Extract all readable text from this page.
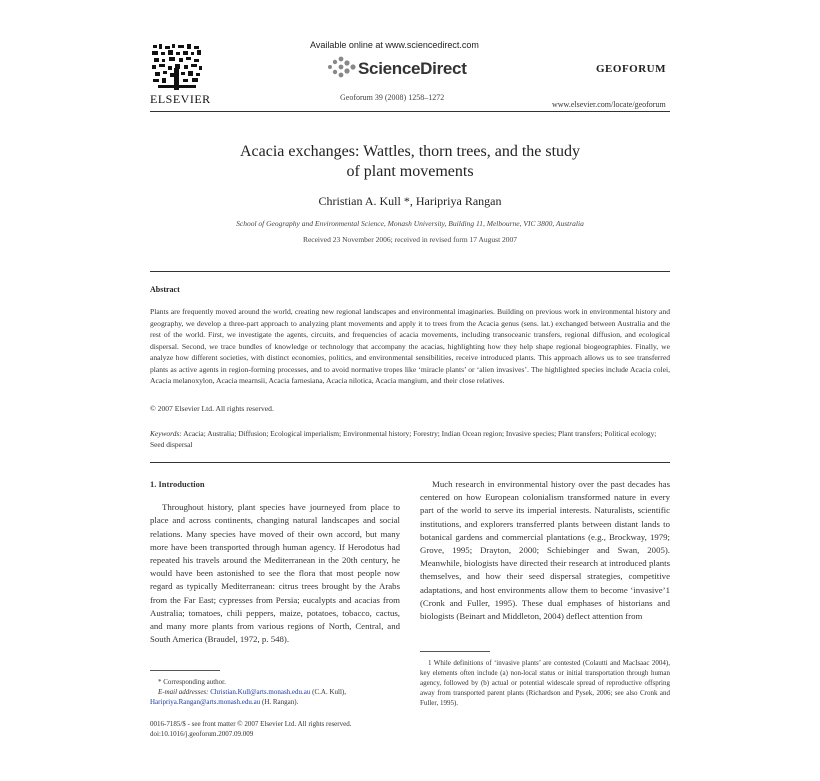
ELSEVIER
Available online at www.sciencedirect.com
ScienceDirect
Geoforum 39 (2008) 1258–1272
GEOFORUM
www.elsevier.com/locate/geoforum
Acacia exchanges: Wattles, thorn trees, and the study
of plant movements
Christian A. Kull *, Haripriya Rangan
School of Geography and Environmental Science, Monash University, Building 11, Melbourne, VIC 3800, Australia
Received 23 November 2006; received in revised form 17 August 2007
Abstract

Plants are frequently moved around the world, creating new regional landscapes and environmental imaginaries. Building on previous work in environmental history and geography, we develop a three-part approach to analyzing plant movements and apply it to trees from the Acacia genus (sens. lat.) exchanged between Australia and the rest of the world. First, we investigate the agents, circuits, and frequencies of acacia movements, including transoceanic transfers, regional diffusion, and ecological dispersal. Second, we trace bundles of knowledge or technology that accompany the acacias, highlighting how they help shape regional biogeographies. Finally, we analyze how different societies, with distinct economies, politics, and environmental sensibilities, receive introduced plants. This approach allows us to see transferred plants as active agents in region-forming processes, and to avoid normative tropes like ‘miracle plants’ or ‘alien invasives’. The highlighted species include Acacia colei, Acacia melanoxylon, Acacia mearnsii, Acacia farnesiana, Acacia nilotica, Acacia mangium, and their close relatives.

© 2007 Elsevier Ltd. All rights reserved.
Keywords: Acacia; Australia; Diffusion; Ecological imperialism; Environmental history; Forestry; Indian Ocean region; Invasive species; Plant transfers; Political ecology; Seed dispersal

1. Introduction

Throughout history, plant species have journeyed from place to place and across continents, changing natural landscapes and social relations. Many species have moved of their own accord, but many more have been transported through human agency. If Herodotus had repeated his travels around the Mediterranean in the 20th century, he would have been astonished to see the flora that most people now regard as typically Mediterranean: citrus trees brought by the Arabs from the Far East; cypresses from Persia; eucalypts and acacias from Australia; tomatoes, chili peppers, maize, potatoes, tobacco, cactus, and many more plants from various regions of North, Central, and South America (Braudel, 1972, p. 548).

Much research in environmental history over the past decades has centered on how European colonialism transformed nature in every part of the world to serve its imperial interests. Naturalists, scientific institutions, and explorers transferred plants between distant lands to botanical gardens and commercial plantations (e.g., Brockway, 1979; Grove, 1995; Drayton, 2000; Schiebinger and Swan, 2005). Meanwhile, biologists have directed their research at introduced plants themselves, and how their seed dispersal strategies, competitive adaptations, and host environments allow them to become ‘invasive’1 (Cronk and Fuller, 1995). These dual emphases of historians and biologists (Beinart and Middleton, 2004) deflect attention from

* Corresponding author.
E-mail addresses: Christian.Kull@arts.monash.edu.au (C.A. Kull),
Haripriya.Rangan@arts.monash.edu.au (H. Rangan).
1 While definitions of ‘invasive plants’ are contested (Colautti and MacIsaac 2004), key elements often include (a) non-local status or initial transportation through human agency, followed by (b) actual or potential widescale spread of reproductive offspring away from transported parent plants (Richardson and Pysek, 2006; see also Cronk and Fuller, 1995).
0016-7185/$ - see front matter © 2007 Elsevier Ltd. All rights reserved.
doi:10.1016/j.geoforum.2007.09.009
